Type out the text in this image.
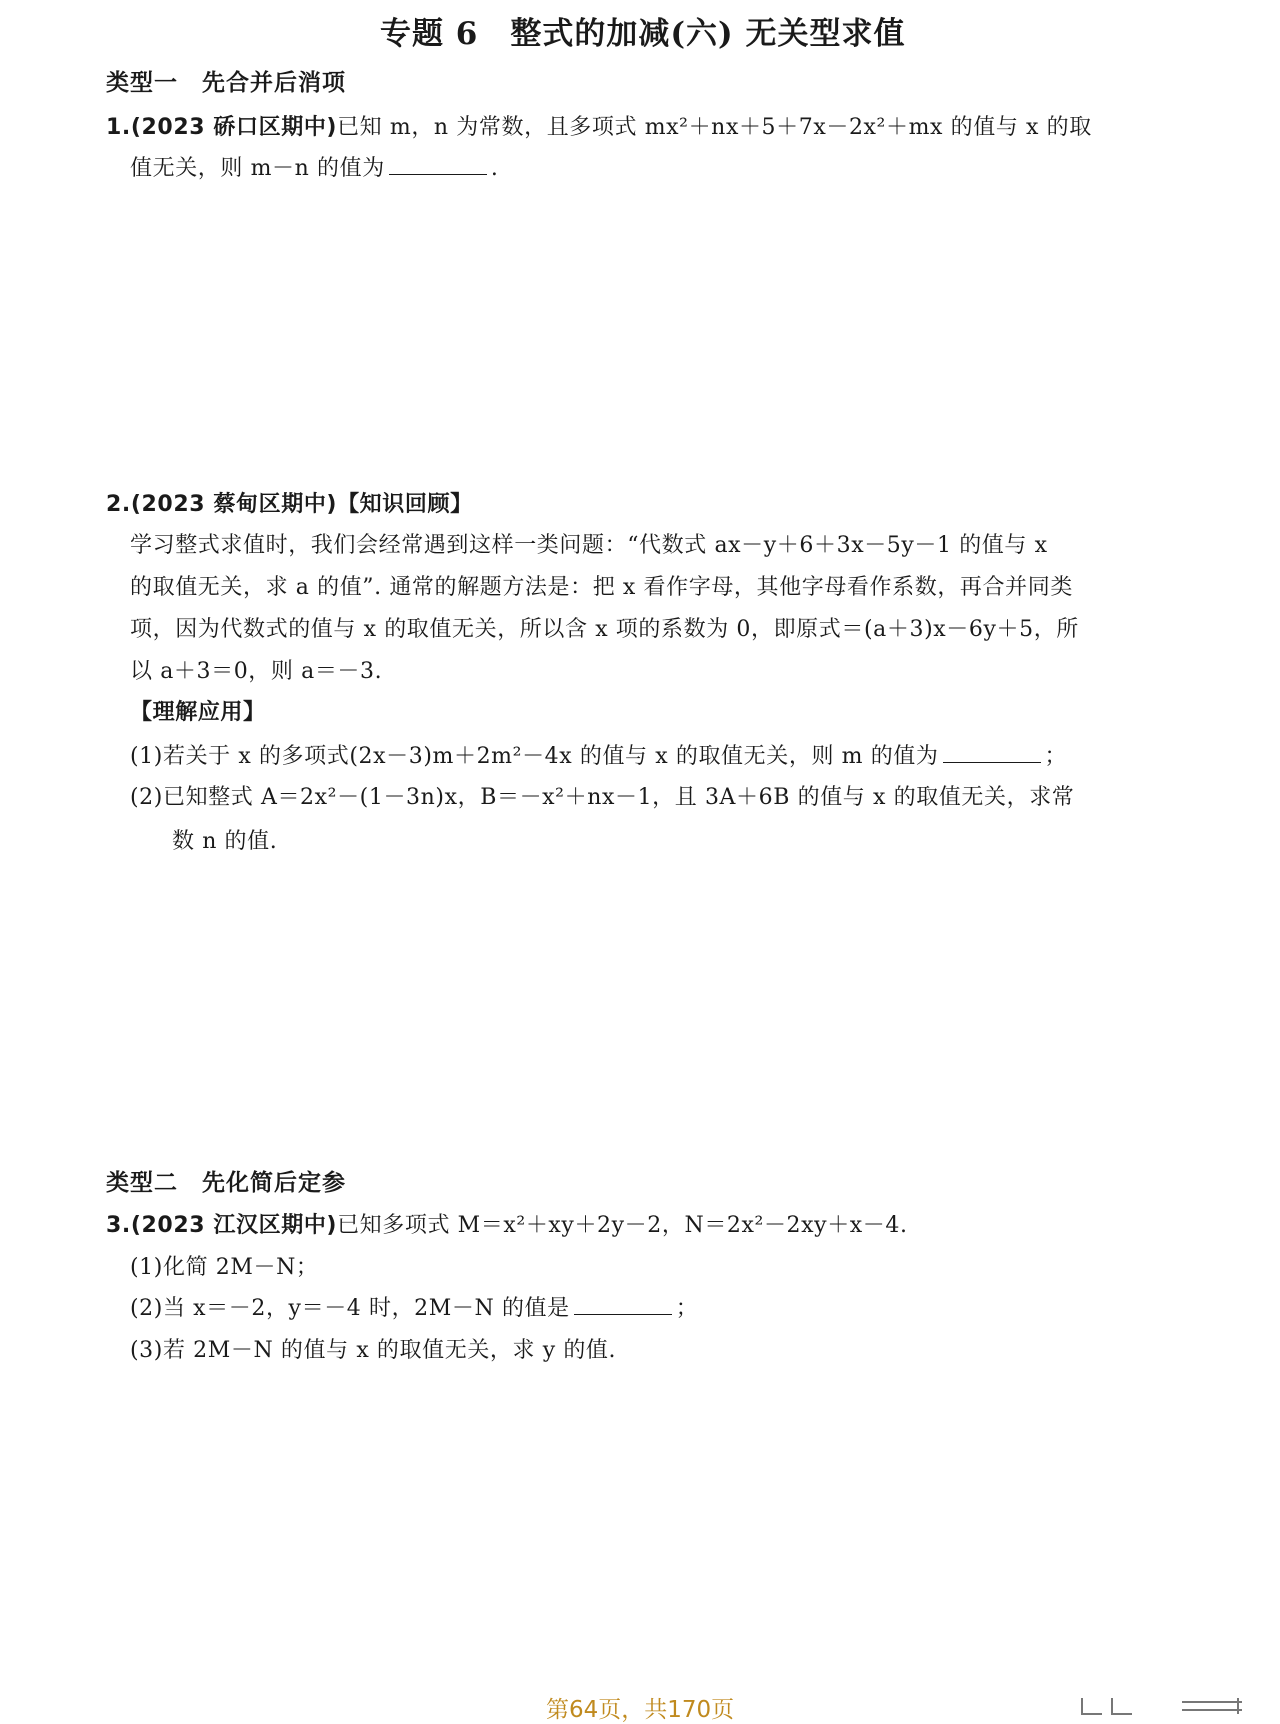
专题 6　整式的加减(六) 无关型求值
类型一　先合并后消项
1.(2023 硚口区期中)已知 m，n 为常数，且多项式 mx²＋nx＋5＋7x－2x²＋mx 的值与 x 的取
值无关，则 m－n 的值为	.
2.(2023 蔡甸区期中)【知识回顾】
学习整式求值时，我们会经常遇到这样一类问题：“代数式 ax－y＋6＋3x－5y－1 的值与 x
的取值无关，求 a 的值”. 通常的解题方法是：把 x 看作字母，其他字母看作系数，再合并同类
项，因为代数式的值与 x 的取值无关，所以含 x 项的系数为 0，即原式＝(a＋3)x－6y＋5，所
以 a＋3＝0，则 a＝－3.
【理解应用】
(1)若关于 x 的多项式(2x－3)m＋2m²－4x 的值与 x 的取值无关，则 m 的值为	；
(2)已知整式 A＝2x²－(1－3n)x，B＝－x²＋nx－1，且 3A＋6B 的值与 x 的取值无关，求常
数 n 的值.
类型二　先化简后定参
3.(2023 江汉区期中)已知多项式 M＝x²＋xy＋2y－2，N＝2x²－2xy＋x－4.
(1)化简 2M－N；
(2)当 x＝－2，y＝－4 时，2M－N 的值是	；
(3)若 2M－N 的值与 x 的取值无关，求 y 的值.
第64页，共170页
